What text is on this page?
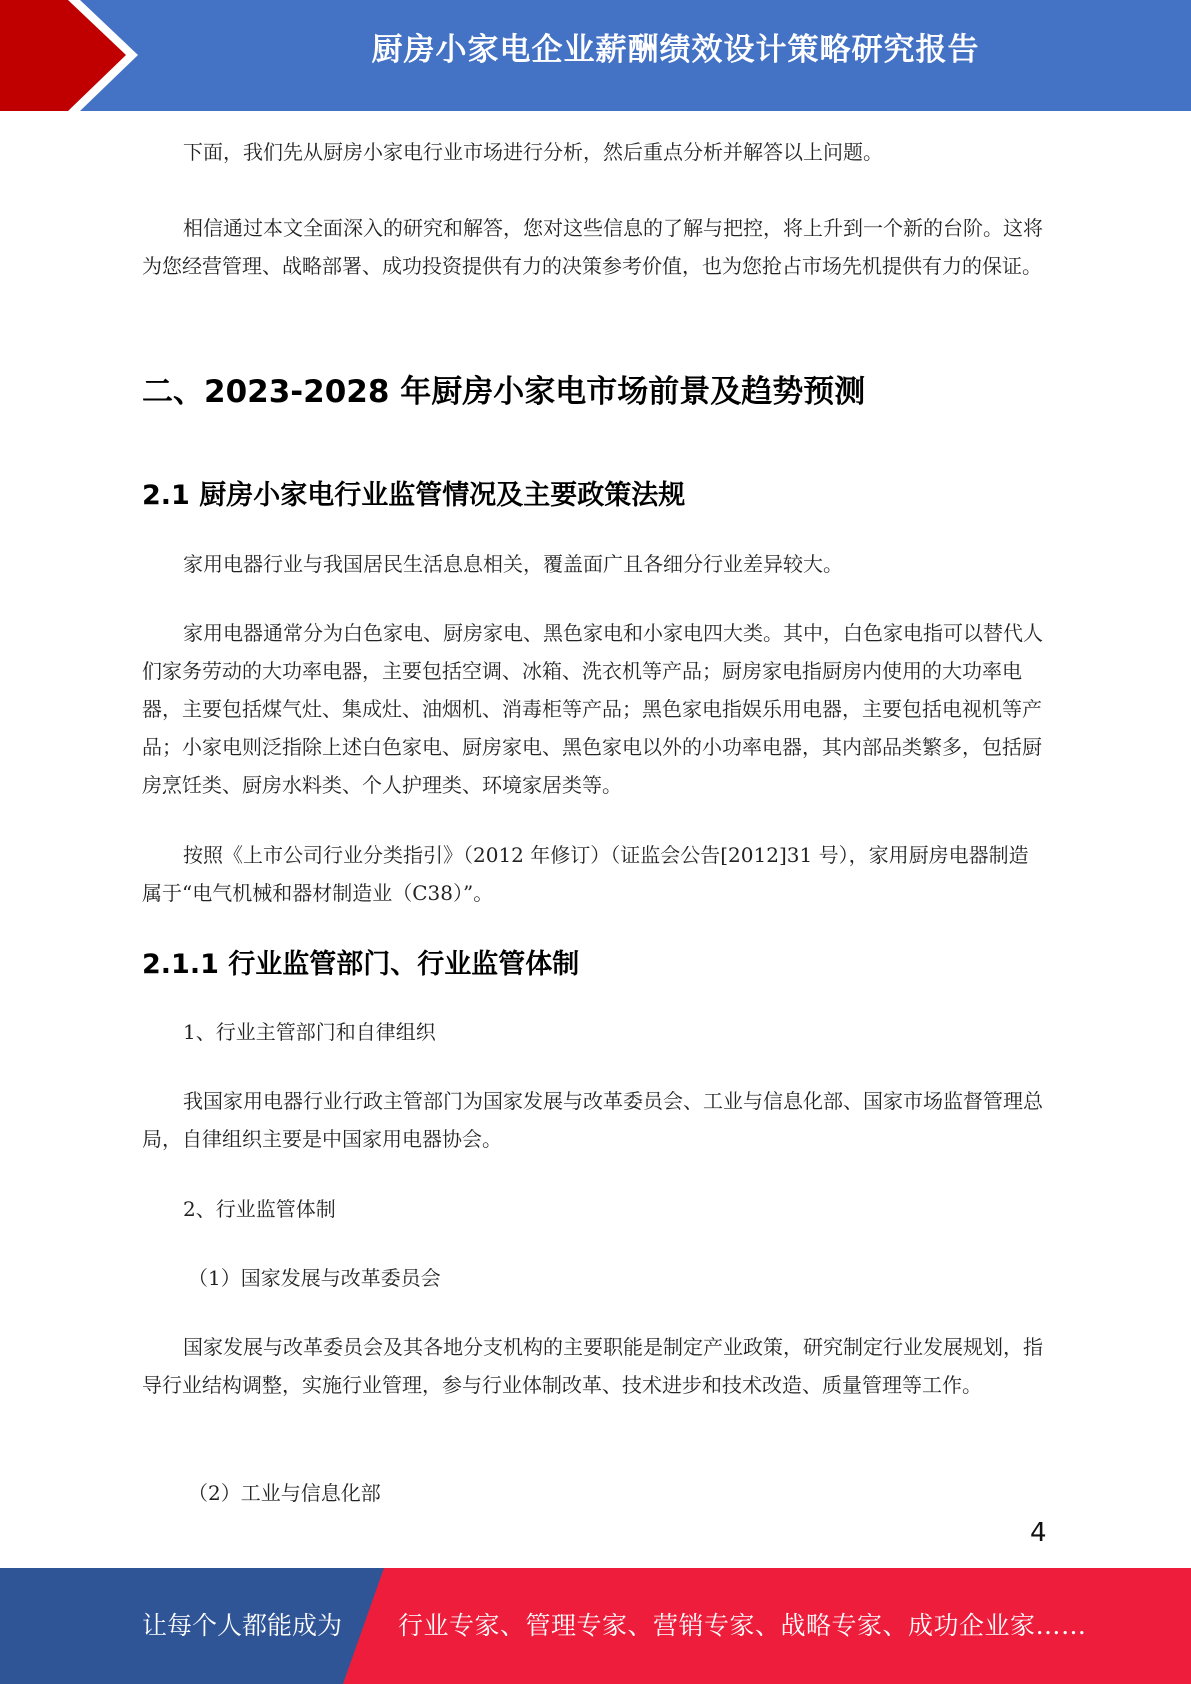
厨房小家电企业薪酬绩效设计策略研究报告

下面，我们先从厨房小家电行业市场进行分析，然后重点分析并解答以上问题。

相信通过本文全面深入的研究和解答，您对这些信息的了解与把控，将上升到一个新的台阶。这将为您经营管理、战略部署、成功投资提供有力的决策参考价值，也为您抢占市场先机提供有力的保证。

二、2023-2028 年厨房小家电市场前景及趋势预测
2.1 厨房小家电行业监管情况及主要政策法规

家用电器行业与我国居民生活息息相关，覆盖面广且各细分行业差异较大。

家用电器通常分为白色家电、厨房家电、黑色家电和小家电四大类。其中，白色家电指可以替代人们家务劳动的大功率电器，主要包括空调、冰箱、洗衣机等产品；厨房家电指厨房内使用的大功率电器，主要包括煤气灶、集成灶、油烟机、消毒柜等产品；黑色家电指娱乐用电器，主要包括电视机等产品；小家电则泛指除上述白色家电、厨房家电、黑色家电以外的小功率电器，其内部品类繁多，包括厨房烹饪类、厨房水料类、个人护理类、环境家居类等。

按照《上市公司行业分类指引》（2012 年修订）（证监会公告[2012]31 号），家用厨房电器制造属于“电气机械和器材制造业（C38）”。

2.1.1 行业监管部门、行业监管体制

1、行业主管部门和自律组织

我国家用电器行业行政主管部门为国家发展与改革委员会、工业与信息化部、国家市场监督管理总局，自律组织主要是中国家用电器协会。

2、行业监管体制

（1）国家发展与改革委员会

国家发展与改革委员会及其各地分支机构的主要职能是制定产业政策，研究制定行业发展规划，指导行业结构调整，实施行业管理，参与行业体制改革、技术进步和技术改造、质量管理等工作。

（2）工业与信息化部

4
让每个人都能成为 行业专家、管理专家、营销专家、战略专家、成功企业家……
